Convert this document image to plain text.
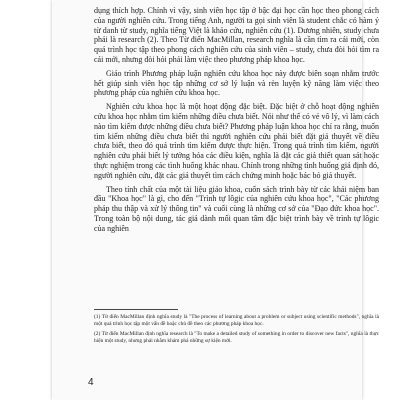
dụng thích hợp. Chính vì vậy, sinh viên học tập ở bậc đại học cần học theo phong cách của người nghiên cứu. Trong tiếng Anh, người ta gọi sinh viên là student chắc có hàm ý từ danh từ study, nghĩa tiếng Việt là khảo cứu, nghiên cứu (1). Dương nhiên, study chưa phải là research (2). Theo Từ điển MacMillan, research nghĩa là cần tìm ra cái mới, còn quá trình học tập theo phong cách nghiên cứu của sinh viên – study, chưa đòi hỏi tìm ra cái mới, nhưng đòi hỏi phải làm việc theo phương pháp khoa học.

Giáo trình Phương pháp luận nghiên cứu khoa học này được biên soạn nhằm trước hết giúp sinh viên học tập những cơ sở lý luận và rèn luyện kỹ năng làm việc theo phương pháp của nghiên cứu khoa học.

Nghiên cứu khoa học là một hoạt động đặc biệt. Đặc biệt ở chỗ hoạt động nghiên cứu khoa học nhằm tìm kiếm những điều chưa biết. Nói như thế có vẻ vô lý, vì làm cách nào tìm kiếm được những điều chưa biết? Phương pháp luận khoa học chỉ ra rằng, muốn tìm kiếm những điều chưa biết thì người nghiên cứu phải biết đặt giả thuyết về điều chưa biết, theo đó quá trình tìm kiếm được thực hiện. Trong quá trình tìm kiếm, người nghiên cứu phải biết lý tưởng hóa các điều kiện, nghĩa là đặt các giả thiết quan sát hoặc thực nghiệm trong các tình huống khác nhau. Chính trong những tình huống giả định đó, người nghiên cứu, đặt các giả thuyết tìm cách chứng minh hoặc bác bỏ giả thuyết.

Theo tính chất của một tài liệu giáo khoa, cuốn sách trình bày từ các khái niệm ban đầu "Khoa học" là gì, cho đến "Trình tự lôgic của nghiên cứu khoa học", "Các phương pháp thu thập và xử lý thông tin" và cuối cùng là những cơ sở của "Đạo đức khoa học". Trong toàn bộ nội dung, tác giả dành mối quan tâm đặc biệt trình bày về trình tự lôgic của nghiên

(1) Từ điển MacMillan định nghĩa study là "The process of learning about a problem or subject using scientific methods", nghĩa là một quá trình học tập một vấn đề hoặc chủ đề theo các phương pháp khoa học.

(2) Từ điển MacMillan định nghĩa research là "To make a detailed study of something in order to discover new facts", nghĩa là thực hiện một study, nhưng phải nhằm khám phá những sự kiện mới.

4
